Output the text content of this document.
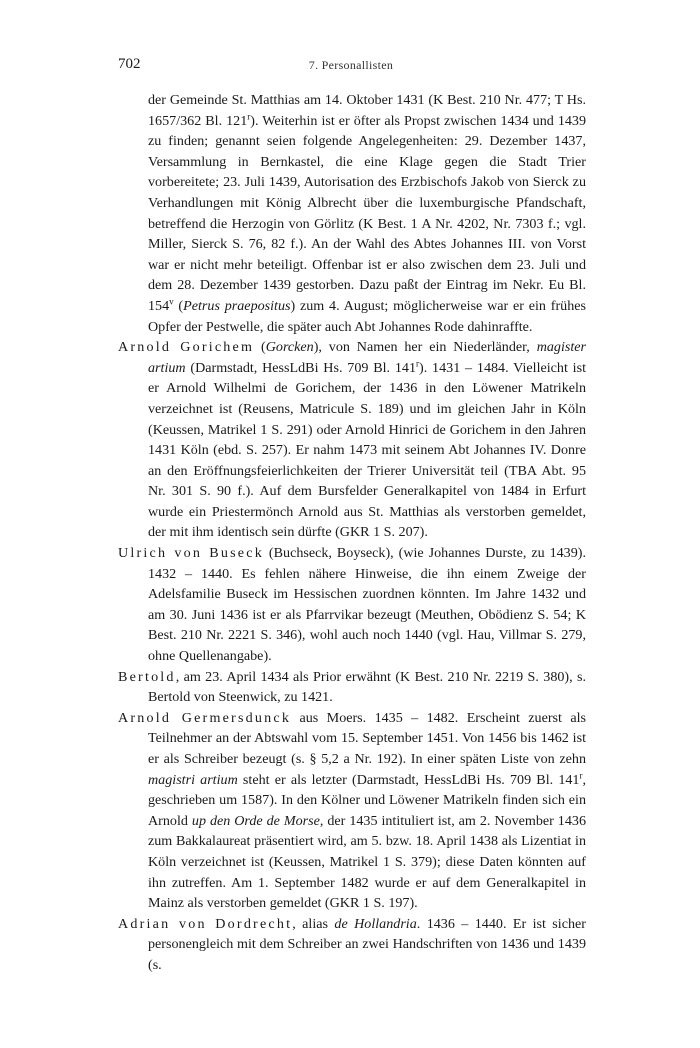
702	7. Personallisten

der Gemeinde St. Matthias am 14. Oktober 1431 (K Best. 210 Nr. 477; T Hs. 1657/362 Bl. 121$^r$). Weiterhin ist er öfter als Propst zwischen 1434 und 1439 zu finden; genannt seien folgende Angelegenheiten: 29. Dezember 1437, Versammlung in Bernkastel, die eine Klage gegen die Stadt Trier vorbereitete; 23. Juli 1439, Autorisation des Erzbischofs Jakob von Sierck zu Verhandlungen mit König Albrecht über die luxemburgische Pfandschaft, betreffend die Herzogin von Görlitz (K Best. 1 A Nr. 4202, Nr. 7303 f.; vgl. Miller, Sierck S. 76, 82 f.). An der Wahl des Abtes Johannes III. von Vorst war er nicht mehr beteiligt. Offenbar ist er also zwischen dem 23. Juli und dem 28. Dezember 1439 gestorben. Dazu paßt der Eintrag im Nekr. Eu Bl. 154$^v$ (Petrus praepositus) zum 4. August; möglicherweise war er ein frühes Opfer der Pestwelle, die später auch Abt Johannes Rode dahinraffte.

Arnold Gorichem (Gorcken), von Namen her ein Niederländer, magister artium (Darmstadt, HessLdBi Hs. 709 Bl. 141$^r$). 1431 – 1484. Vielleicht ist er Arnold Wilhelmi de Gorichem, der 1436 in den Löwener Matrikeln verzeichnet ist (Reusens, Matricule S. 189) und im gleichen Jahr in Köln (Keussen, Matrikel 1 S. 291) oder Arnold Hinrici de Gorichem in den Jahren 1431 Köln (ebd. S. 257). Er nahm 1473 mit seinem Abt Johannes IV. Donre an den Eröffnungsfeierlichkeiten der Trierer Universität teil (TBA Abt. 95 Nr. 301 S. 90 f.). Auf dem Bursfelder Generalkapitel von 1484 in Erfurt wurde ein Priestermönch Arnold aus St. Matthias als verstorben gemeldet, der mit ihm identisch sein dürfte (GKR 1 S. 207).

Ulrich von Buseck (Buchseck, Boyseck), (wie Johannes Durste, zu 1439). 1432 – 1440. Es fehlen nähere Hinweise, die ihn einem Zweige der Adelsfamilie Buseck im Hessischen zuordnen könnten. Im Jahre 1432 und am 30. Juni 1436 ist er als Pfarrvikar bezeugt (Meuthen, Obödienz S. 54; K Best. 210 Nr. 2221 S. 346), wohl auch noch 1440 (vgl. Hau, Villmar S. 279, ohne Quellenangabe).

Bertold, am 23. April 1434 als Prior erwähnt (K Best. 210 Nr. 2219 S. 380), s. Bertold von Steenwick, zu 1421.

Arnold Germersdunck aus Moers. 1435 – 1482. Erscheint zuerst als Teilnehmer an der Abtswahl vom 15. September 1451. Von 1456 bis 1462 ist er als Schreiber bezeugt (s. § 5,2 a Nr. 192). In einer späten Liste von zehn magistri artium steht er als letzter (Darmstadt, HessLdBi Hs. 709 Bl. 141$^r$, geschrieben um 1587). In den Kölner und Löwener Matrikeln finden sich ein Arnold up den Orde de Morse, der 1435 intituliert ist, am 2. November 1436 zum Bakkalaureat präsentiert wird, am 5. bzw. 18. April 1438 als Lizentiat in Köln verzeichnet ist (Keussen, Matrikel 1 S. 379); diese Daten könnten auf ihn zutreffen. Am 1. September 1482 wurde er auf dem Generalkapitel in Mainz als verstorben gemeldet (GKR 1 S. 197).

Adrian von Dordrecht, alias de Hollandria. 1436 – 1440. Er ist sicher personengleich mit dem Schreiber an zwei Handschriften von 1436 und 1439 (s.
